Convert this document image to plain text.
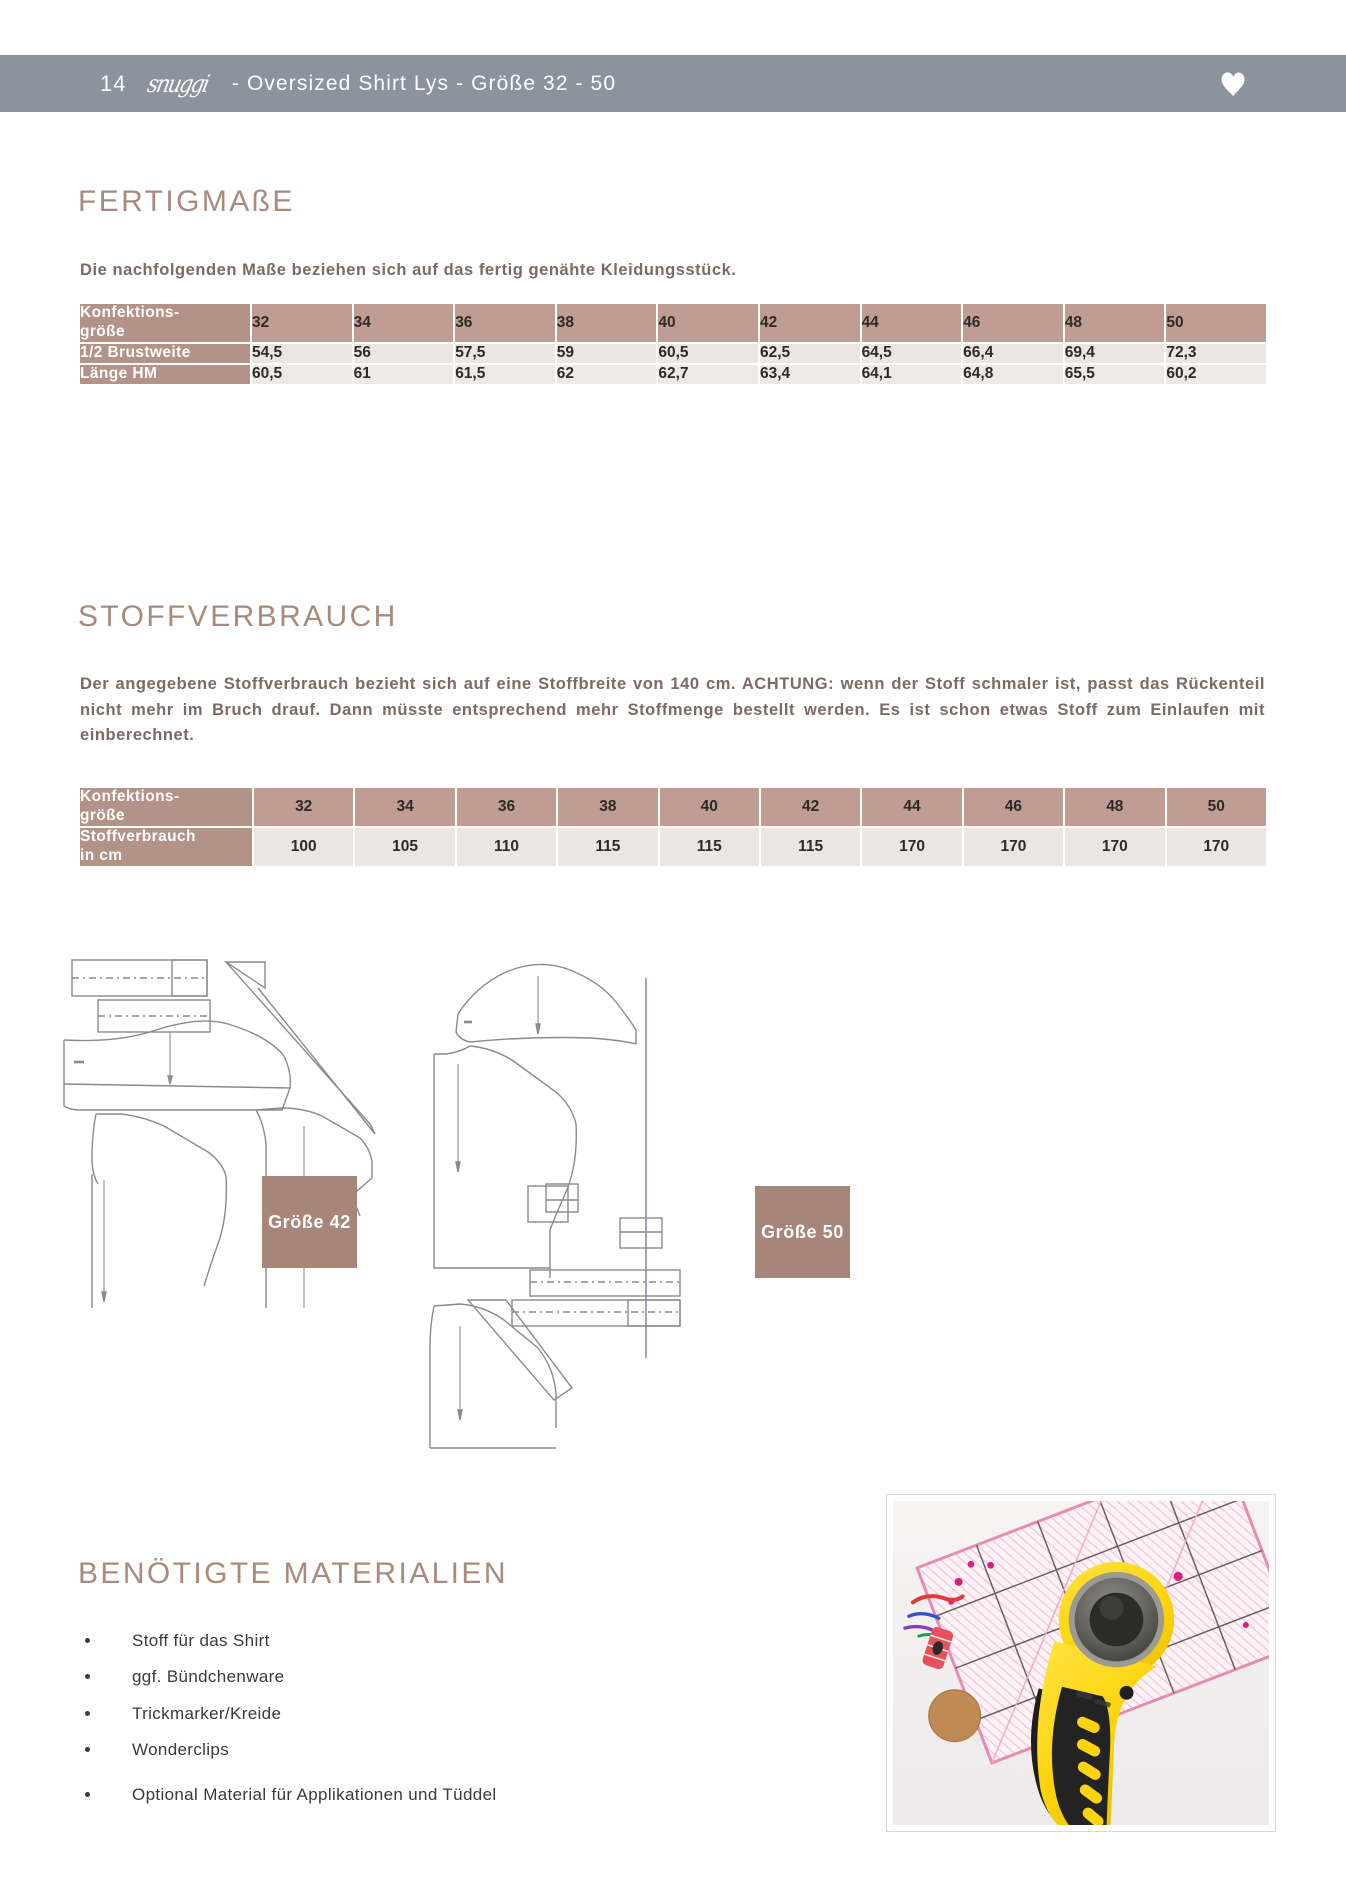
14 snuggi - Oversized Shirt Lys - Größe 32 - 50
FERTIGMAßE

Die nachfolgenden Maße beziehen sich auf das fertig genähte Kleidungsstück.

Konfektions-
größe	32	34	36	38	40	42	44	46	48	50
1/2 Brustweite	54,5	56	57,5	59	60,5	62,5	64,5	66,4	69,4	72,3
Länge HM	60,5	61	61,5	62	62,7	63,4	64,1	64,8	65,5	60,2
STOFFVERBRAUCH

Der angegebene Stoffverbrauch bezieht sich auf eine Stoffbreite von 140 cm. ACHTUNG: wenn der Stoff schmaler ist, passt das Rückenteil nicht mehr im Bruch drauf. Dann müsste entsprechend mehr Stoffmenge bestellt werden. Es ist schon etwas Stoff zum Einlaufen mit einberechnet.

Konfektions-
größe	32	34	36	38	40	42	44	46	48	50
Stoffverbrauch
in cm	100	105	110	115	115	115	170	170	170	170
Größe 42	Größe 50
BENÖTIGTE MATERIALIEN
Stoff für das Shirt
ggf. Bündchenware
Trickmarker/Kreide
Wonderclips
Optional Material für Applikationen und Tüddel
